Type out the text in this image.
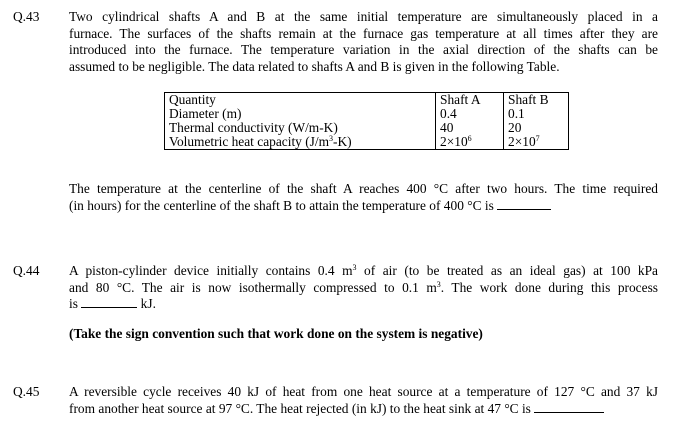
Q.43 Two cylindrical shafts A and B at the same initial temperature are simultaneously placed in a
furnace. The surfaces of the shafts remain at the furnace gas temperature at all times after they are
introduced into the furnace. The temperature variation in the axial direction of the shafts can be
assumed to be negligible. The data related to shafts A and B is given in the following Table.
Quantity	Shaft A	Shaft B
Diameter (m)	0.4	0.1
Thermal conductivity (W/m-K)	40	20
Volumetric heat capacity $(J/m^3-K)$	$2\times 10^6$	$2\times 10^7$
The temperature at the centerline of the shaft A reaches 400 °C after two hours. The time required
(in hours) for the centerline of the shaft B to attain the temperature of 400 °C is
Q.44 A piston-cylinder device initially contains 0.4 $m^3$ of air (to be treated as an ideal gas) at 100 kPa
and 80 °C. The air is now isothermally compressed to 0.1 $m^3$. The work done during this process
is	kJ.
(Take the sign convention such that work done on the system is negative)
Q.45 A reversible cycle receives 40 kJ of heat from one heat source at a temperature of 127 °C and 37 kJ
from another heat source at 97 °C. The heat rejected (in kJ) to the heat sink at 47 °C is
